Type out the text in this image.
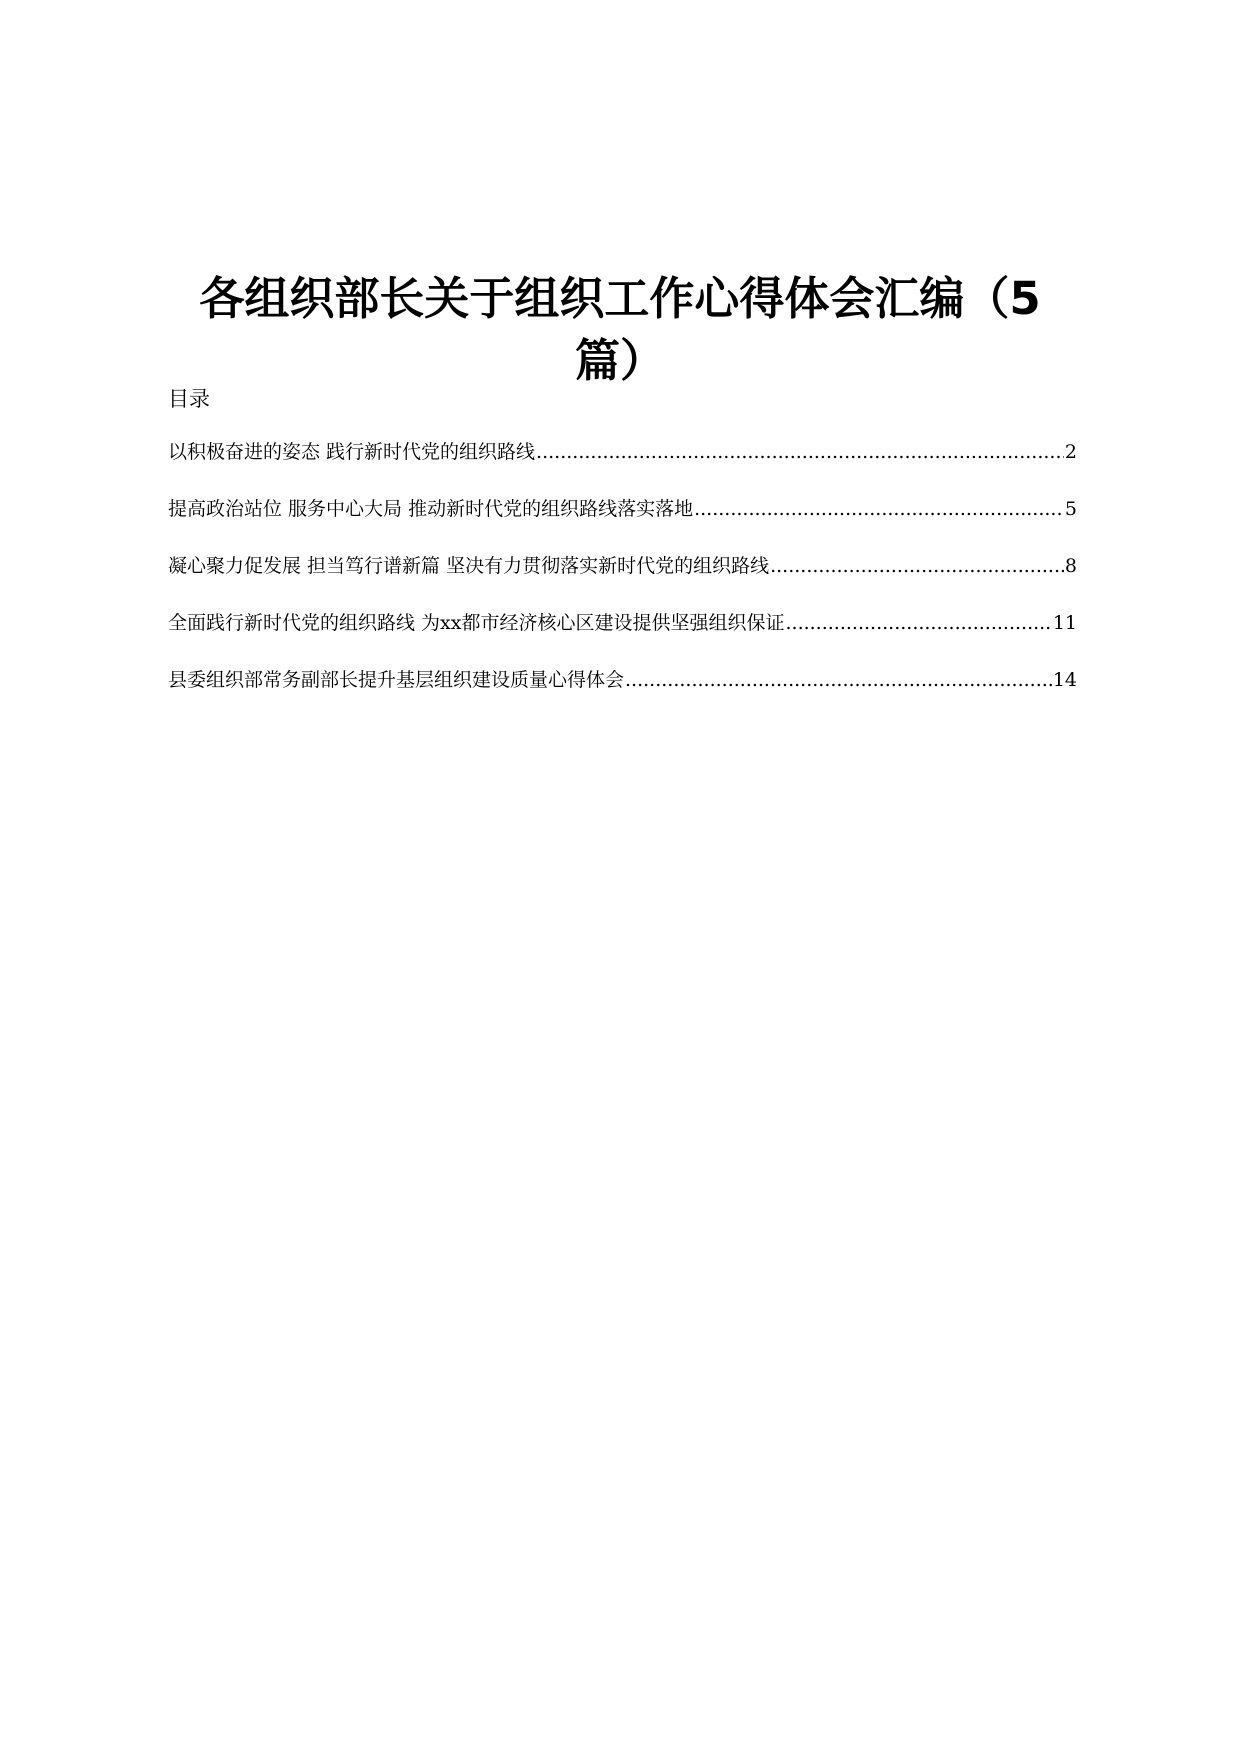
各组织部长关于组织工作心得体会汇编（5篇）
目录
以积极奋进的姿态 践行新时代党的组织路线 .....	2
提高政治站位 服务中心大局 推动新时代党的组织路线落实落地 .....	5
凝心聚力促发展 担当笃行谱新篇 坚决有力贯彻落实新时代党的组织路线 .....	8
全面践行新时代党的组织路线 为xx都市经济核心区建设提供坚强组织保证 .....	11
县委组织部常务副部长提升基层组织建设质量心得体会 .....	14
